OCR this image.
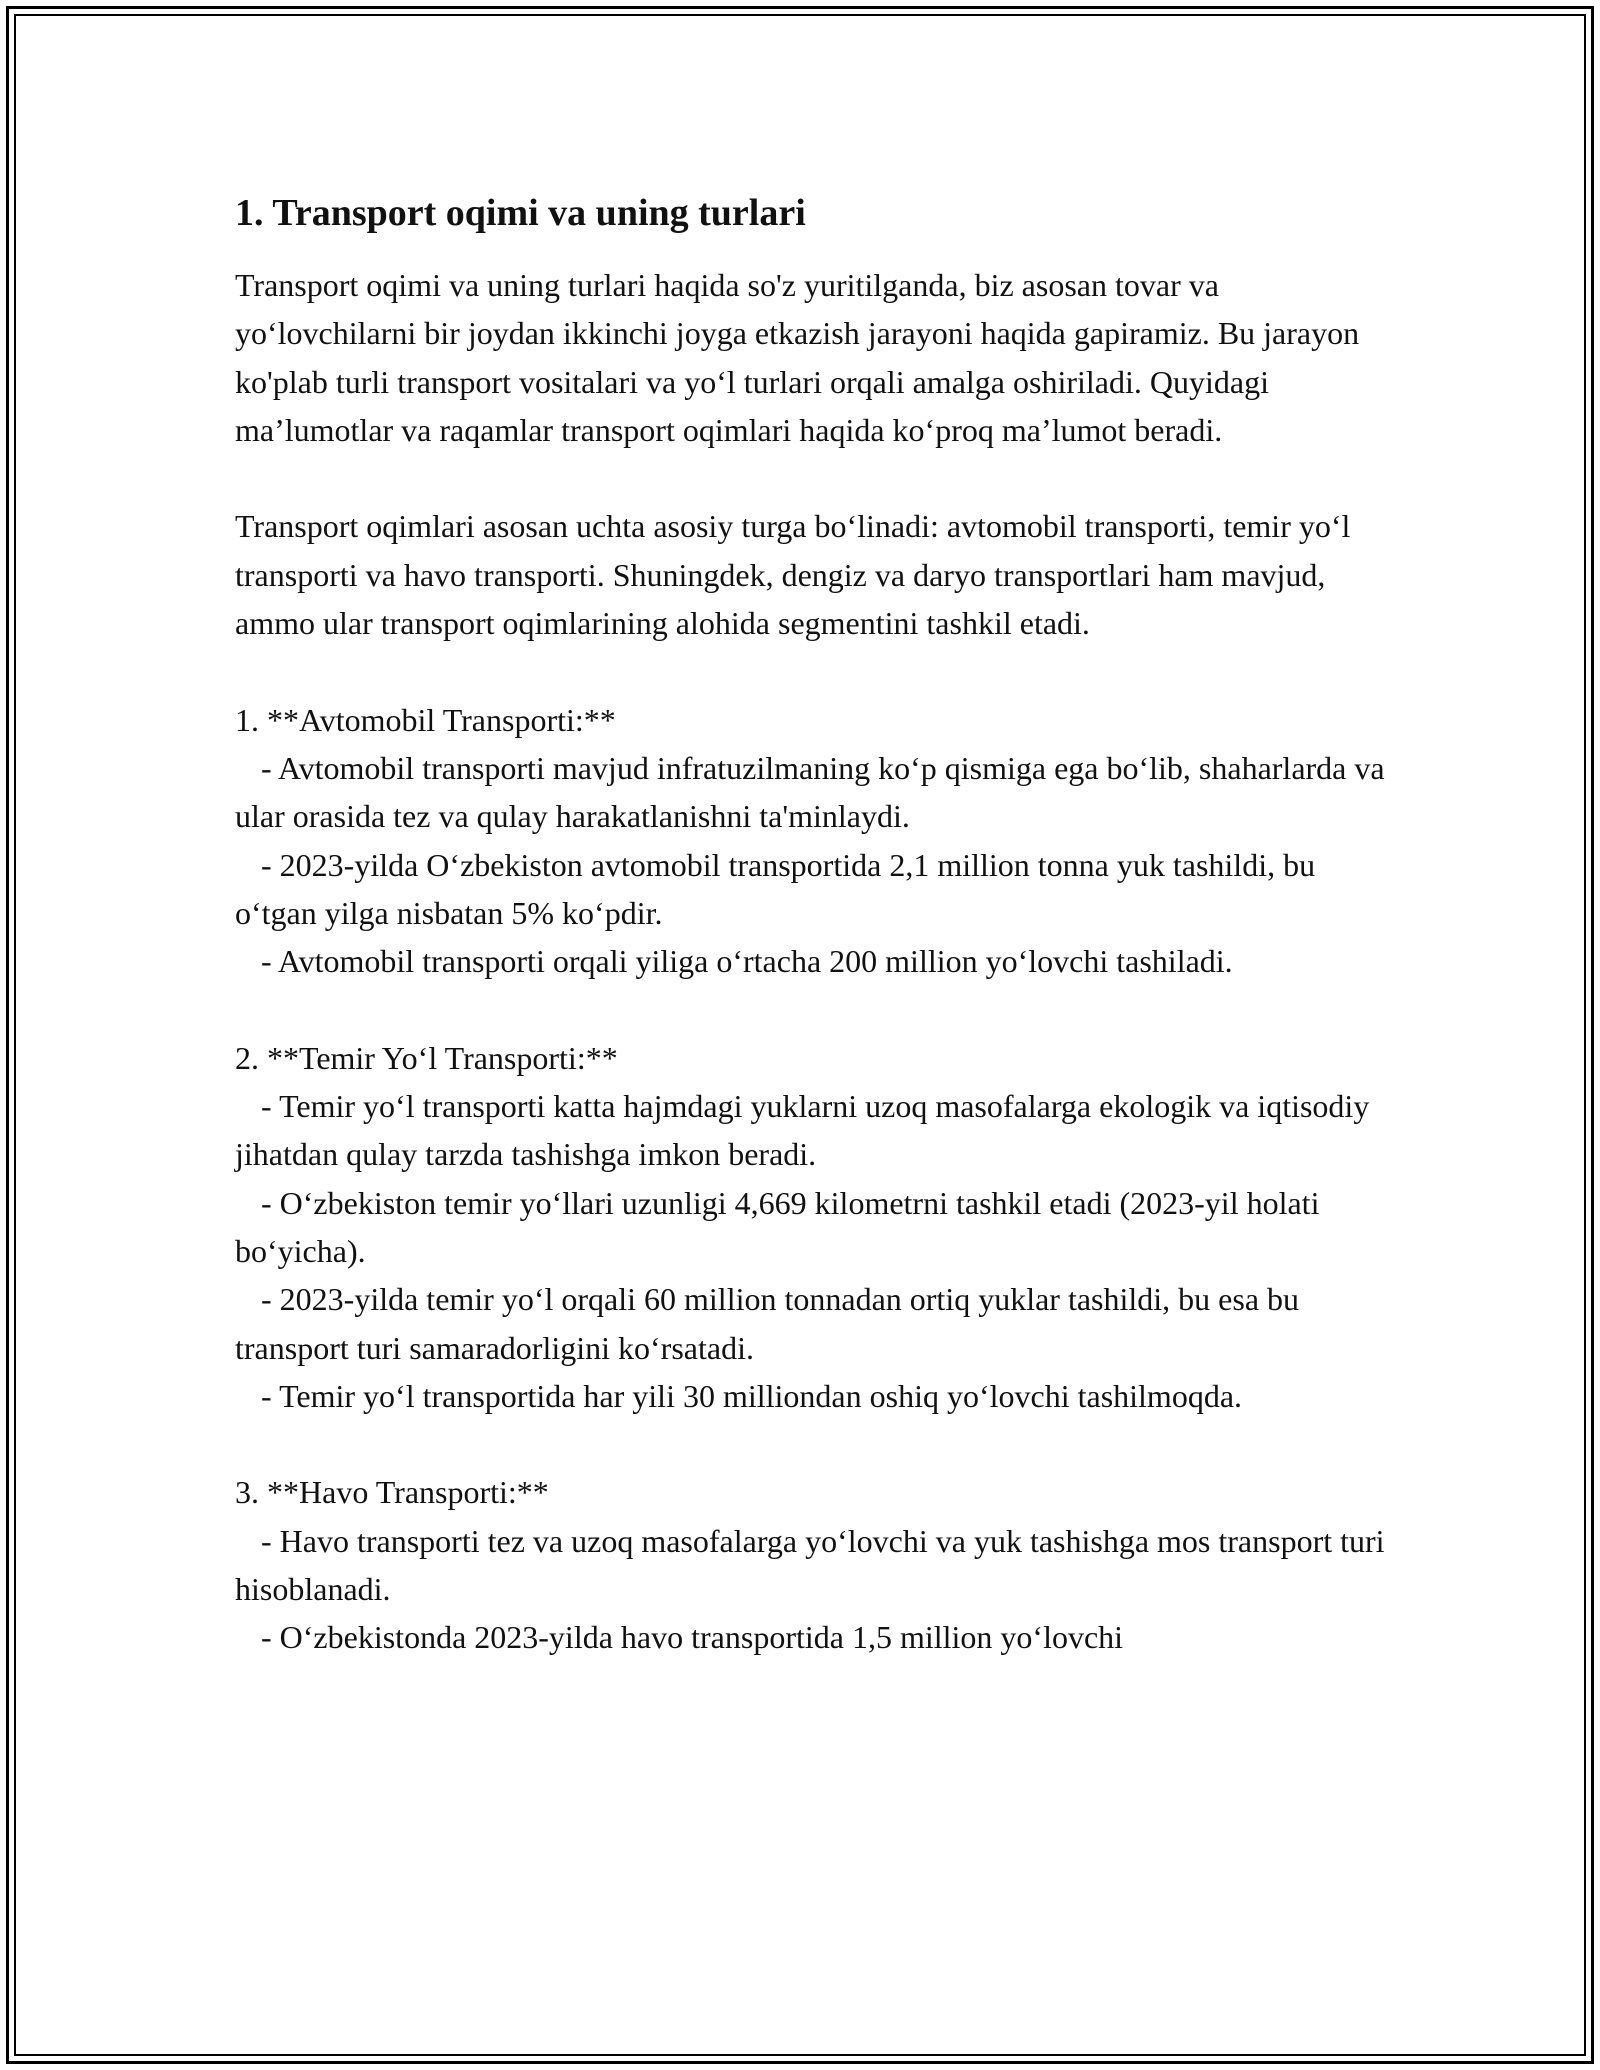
1. Transport oqimi va uning turlari

Transport oqimi va uning turlari haqida so'z yuritilganda, biz asosan tovar va yo‘lovchilarni bir joydan ikkinchi joyga etkazish jarayoni haqida gapiramiz. Bu jarayon ko'plab turli transport vositalari va yo‘l turlari orqali amalga oshiriladi. Quyidagi ma’lumotlar va raqamlar transport oqimlari haqida ko‘proq ma’lumot beradi.

Transport oqimlari asosan uchta asosiy turga bo‘linadi: avtomobil transporti, temir yo‘l transporti va havo transporti. Shuningdek, dengiz va daryo transportlari ham mavjud, ammo ular transport oqimlarining alohida segmentini tashkil etadi.

1. **Avtomobil Transporti:**

- Avtomobil transporti mavjud infratuzilmaning ko‘p qismiga ega bo‘lib, shaharlarda va ular orasida tez va qulay harakatlanishni ta'minlaydi.

- 2023-yilda O‘zbekiston avtomobil transportida 2,1 million tonna yuk tashildi, bu o‘tgan yilga nisbatan 5% ko‘pdir.

- Avtomobil transporti orqali yiliga o‘rtacha 200 million yo‘lovchi tashiladi.

2. **Temir Yo‘l Transporti:**

- Temir yo‘l transporti katta hajmdagi yuklarni uzoq masofalarga ekologik va iqtisodiy jihatdan qulay tarzda tashishga imkon beradi.

- O‘zbekiston temir yo‘llari uzunligi 4,669 kilometrni tashkil etadi (2023-yil holati bo‘yicha).

- 2023-yilda temir yo‘l orqali 60 million tonnadan ortiq yuklar tashildi, bu esa bu transport turi samaradorligini ko‘rsatadi.

- Temir yo‘l transportida har yili 30 milliondan oshiq yo‘lovchi tashilmoqda.

3. **Havo Transporti:**

- Havo transporti tez va uzoq masofalarga yo‘lovchi va yuk tashishga mos transport turi hisoblanadi.

- O‘zbekistonda 2023-yilda havo transportida 1,5 million yo‘lovchi
